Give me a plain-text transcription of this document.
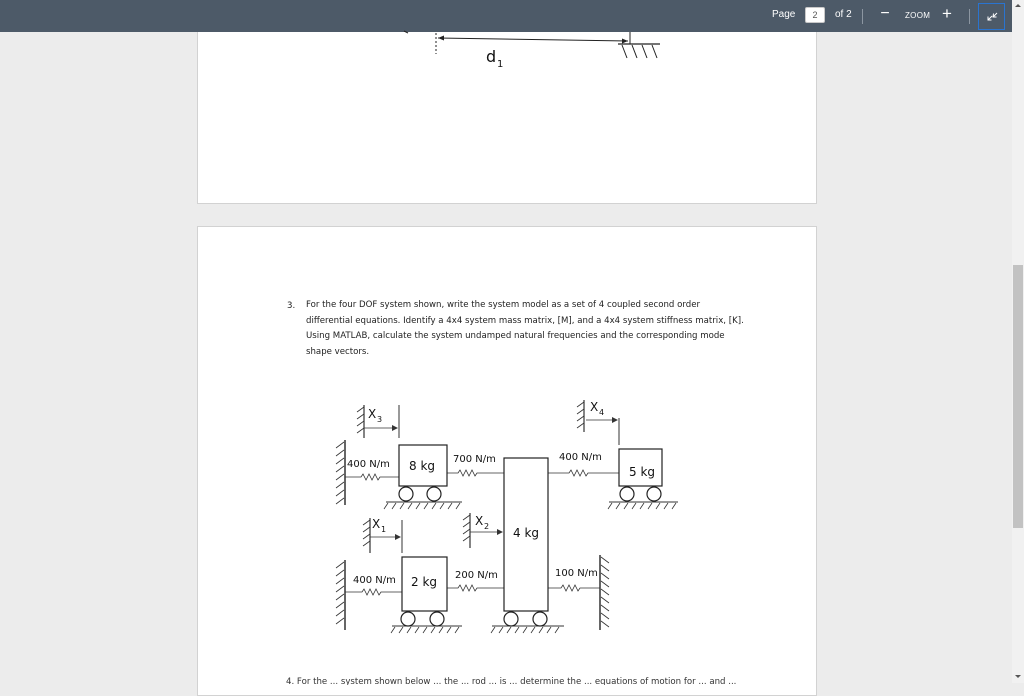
Page
2	of 2 − ZOOM +
d 1
3. For the four DOF system shown, write the system model as a set of 4 coupled second order differential equations. Identify a 4x4 system mass matrix, [M], and a 4x4 system stiffness matrix, [K]. Using MATLAB, calculate the system undamped natural frequencies and the corresponding mode shape vectors.

X 3
X 4
X 1
X 2
400 N/m 8 kg 700 N/m	400 N/m
5 kg
4 kg
400 N/m 2 kg 200 N/m	100 N/m
4. For the ... system shown below ... the ... rod ... is ... determine the ... equations of motion for ... and ...
